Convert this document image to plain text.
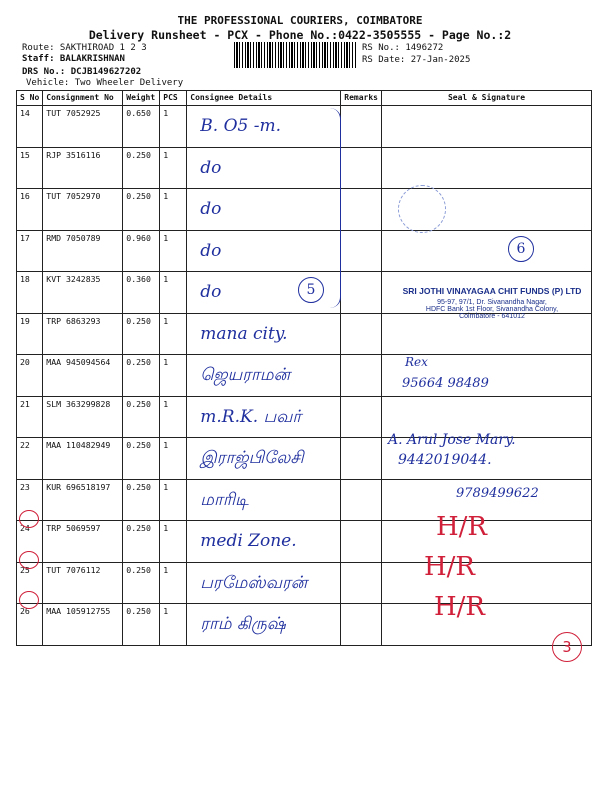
THE PROFESSIONAL COURIERS, COIMBATORE
Delivery Runsheet - PCX - Phone No.:0422-3505555 - Page No.:2
Route: SAKTHIROAD 1 2 3
Staff: BALAKRISHNAN
DRS No.: DCJB149627202
Vehicle: Two Wheeler Delivery
RS No.: 1496272
RS Date: 27-Jan-2025
S No	Consignment No	Weight	PCS	Consignee Details	Remarks	Seal & Signature
14	TUT 7052925	0.650	1	B. O5 -m.		
15	RJP 3516116	0.250	1	do		
16	TUT 7052970	0.250	1	do		
17	RMD 7050789	0.960	1	do		
18	KVT 3242835	0.360	1	do		
19	TRP 6863293	0.250	1	mana city.		
20	MAA 945094564	0.250	1	ஜெயராமன்		
21	SLM 363299828	0.250	1	m.R.K. பவர்		
22	MAA 110482949	0.250	1	இராஜ்பிலேசி		
23	KUR 696518197	0.250	1	மாரிடி		
24	TRP 5069597	0.250	1	medi Zone.		
25	TUT 7076112	0.250	1	பரமேஸ்வரன்		
26	MAA 105912755	0.250	1	ராம் கிருஷ்		
Rex
95664 98489
A. Arul Jose Mary.
9442019044.
9789499622
H/R
H/R
H/R
3
5
6
SRI JOTHI VINAYAGAA CHIT FUNDS (P) LTD
95-97, 97/1, Dr. Sivanandha Nagar,
HDFC Bank 1st Floor, Sivanandha Colony,
Coimbatore - 641012
